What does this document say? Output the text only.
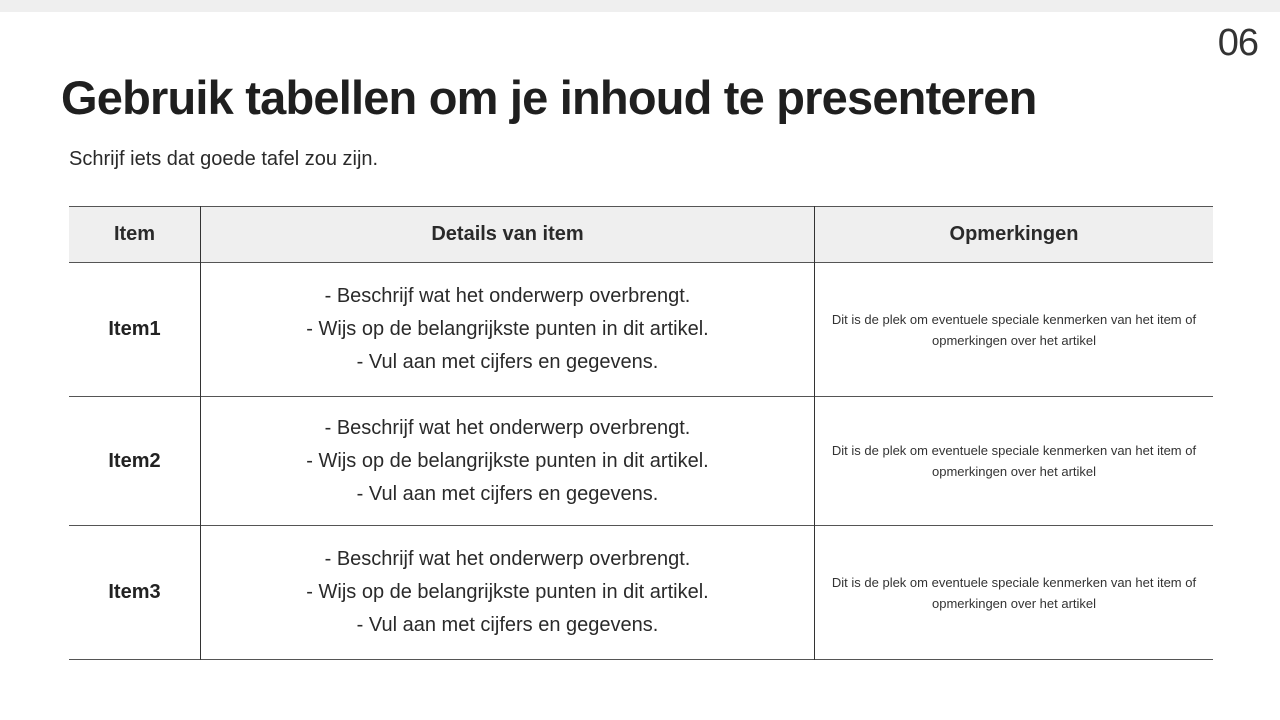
06
Gebruik tabellen om je inhoud te presenteren
Schrijf iets dat goede tafel zou zijn.
Item	Details van item	Opmerkingen
Item1	- Beschrijf wat het onderwerp overbrengt.
- Wijs op de belangrijkste punten in dit artikel.
- Vul aan met cijfers en gegevens.	Dit is de plek om eventuele speciale kenmerken van het item of opmerkingen over het artikel
Item2	- Beschrijf wat het onderwerp overbrengt.
- Wijs op de belangrijkste punten in dit artikel.
- Vul aan met cijfers en gegevens.	Dit is de plek om eventuele speciale kenmerken van het item of opmerkingen over het artikel
Item3	- Beschrijf wat het onderwerp overbrengt.
- Wijs op de belangrijkste punten in dit artikel.
- Vul aan met cijfers en gegevens.	Dit is de plek om eventuele speciale kenmerken van het item of opmerkingen over het artikel
